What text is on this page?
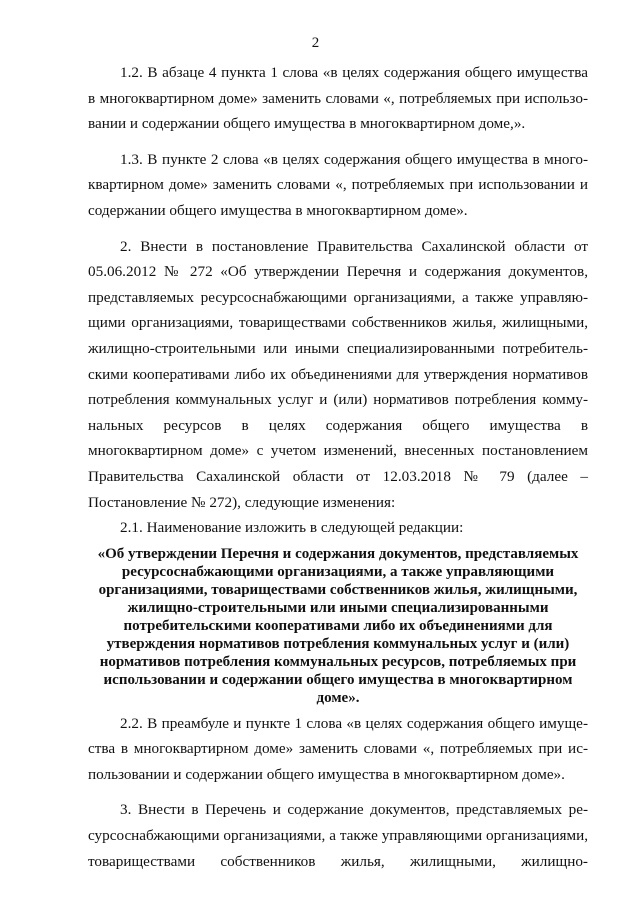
2

1.2. В абзаце 4 пункта 1 слова «в целях содержания общего имущества в многоквартирном доме» заменить словами «, потребляемых при использовании и содержании общего имущества в многоквартирном доме,».

1.3. В пункте 2 слова «в целях содержания общего имущества в многоквартирном доме» заменить словами «, потребляемых при использовании и содержании общего имущества в многоквартирном доме».

2. Внести в постановление Правительства Сахалинской области от 05.06.2012 № 272 «Об утверждении Перечня и содержания документов, представляемых ресурсоснабжающими организациями, а также управляющими организациями, товариществами собственников жилья, жилищными, жилищно-строительными или иными специализированными потребительскими кооперативами либо их объединениями для утверждения нормативов потребления коммунальных услуг и (или) нормативов потребления коммунальных ресурсов в целях содержания общего имущества в многоквартирном доме» с учетом изменений, внесенных постановлением Правительства Сахалинской области от 12.03.2018 № 79 (далее – Постановление № 272), следующие изменения:

2.1. Наименование изложить в следующей редакции:

«Об утверждении Перечня и содержания документов, представляемых ресурсоснабжающими организациями, а также управляющими организациями, товариществами собственников жилья, жилищными, жилищно-строительными или иными специализированными потребительскими кооперативами либо их объединениями для утверждения нормативов потребления коммунальных услуг и (или) нормативов потребления коммунальных ресурсов, потребляемых при использовании и содержании общего имущества в многоквартирном доме».

2.2. В преамбуле и пункте 1 слова «в целях содержания общего имущества в многоквартирном доме» заменить словами «, потребляемых при использовании и содержании общего имущества в многоквартирном доме».

3. Внести в Перечень и содержание документов, представляемых ресурсоснабжающими организациями, а также управляющими организациями, товариществами собственников жилья, жилищными, жилищно-
